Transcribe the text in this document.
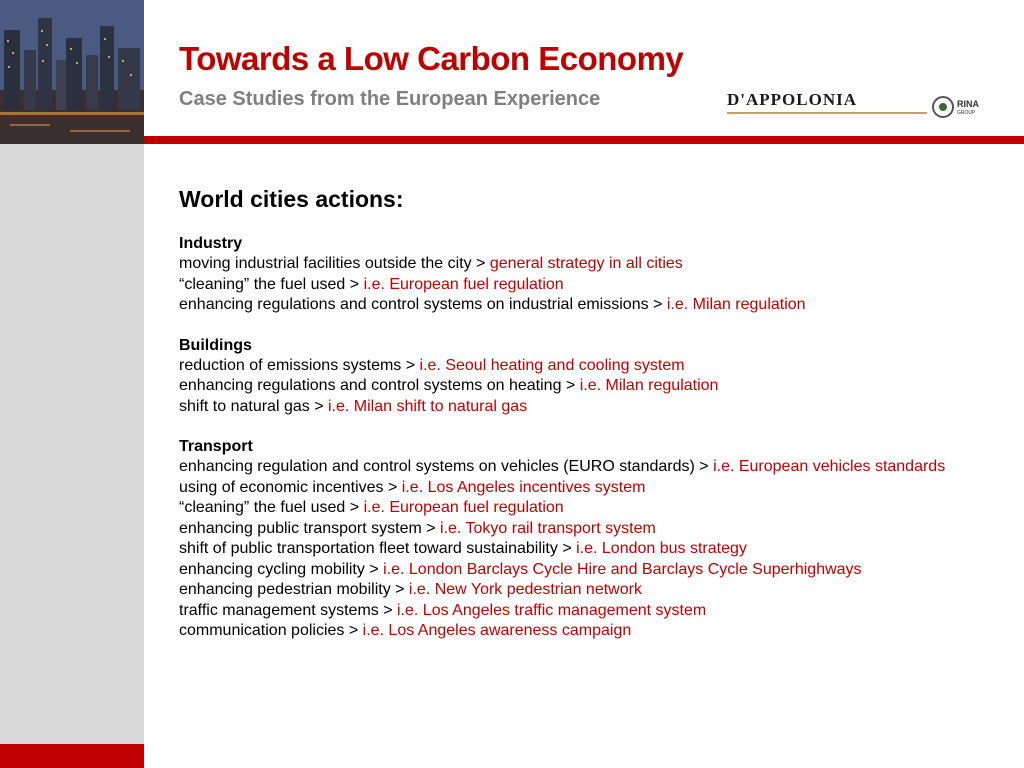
Towards a Low Carbon Economy
Case Studies from the European Experience	D'APPOLONIA	RINA
GROUP
World cities actions:
Industry
moving industrial facilities outside the city > general strategy in all cities
“cleaning” the fuel used > i.e. European fuel regulation
enhancing regulations and control systems on industrial emissions > i.e. Milan regulation
Buildings
reduction of emissions systems > i.e. Seoul heating and cooling system
enhancing regulations and control systems on heating > i.e. Milan regulation
shift to natural gas > i.e. Milan shift to natural gas
Transport
enhancing regulation and control systems on vehicles (EURO standards) > i.e. European vehicles standards
using of economic incentives > i.e. Los Angeles incentives system
“cleaning” the fuel used > i.e. European fuel regulation
enhancing public transport system > i.e. Tokyo rail transport system
shift of public transportation fleet toward sustainability > i.e. London bus strategy
enhancing cycling mobility > i.e. London Barclays Cycle Hire and Barclays Cycle Superhighways
enhancing pedestrian mobility > i.e. New York pedestrian network
traffic management systems > i.e. Los Angeles traffic management system
communication policies > i.e. Los Angeles awareness campaign
